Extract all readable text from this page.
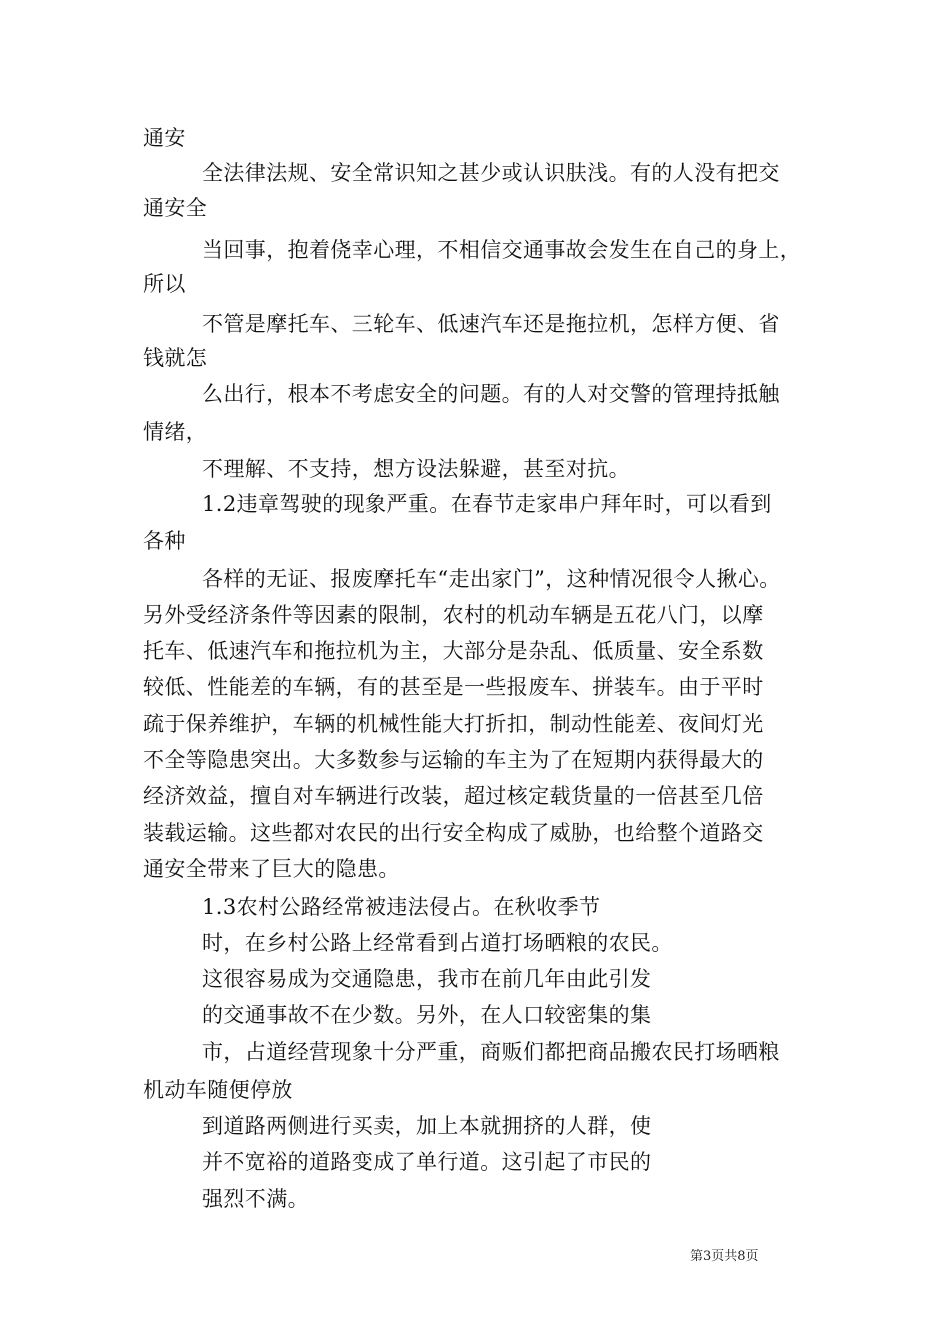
通安
全法律法规、安全常识知之甚少或认识肤浅。有的人没有把交
通安全
当回事，抱着侥幸心理，不相信交通事故会发生在自己的身上，
所以
不管是摩托车、三轮车、低速汽车还是拖拉机，怎样方便、省
钱就怎
么出行，根本不考虑安全的问题。有的人对交警的管理持抵触
情绪，
不理解、不支持，想方设法躲避，甚至对抗。
1.2违章驾驶的现象严重。在春节走家串户拜年时，可以看到
各种
各样的无证、报废摩托车“走出家门”，这种情况很令人揪心。
另外受经济条件等因素的限制，农村的机动车辆是五花八门，以摩
托车、低速汽车和拖拉机为主，大部分是杂乱、低质量、安全系数
较低、性能差的车辆，有的甚至是一些报废车、拼装车。由于平时
疏于保养维护，车辆的机械性能大打折扣，制动性能差、夜间灯光
不全等隐患突出。大多数参与运输的车主为了在短期内获得最大的
经济效益，擅自对车辆进行改装，超过核定载货量的一倍甚至几倍
装载运输。这些都对农民的出行安全构成了威胁，也给整个道路交
通安全带来了巨大的隐患。
1.3农村公路经常被违法侵占。在秋收季节
时，在乡村公路上经常看到占道打场晒粮的农民。
这很容易成为交通隐患，我市在前几年由此引发
的交通事故不在少数。另外，在人口较密集的集
市，占道经营现象十分严重，商贩们都把商品搬农民打场晒粮
机动车随便停放
到道路两侧进行买卖，加上本就拥挤的人群，使
并不宽裕的道路变成了单行道。这引起了市民的
强烈不满。
第3页共8页
